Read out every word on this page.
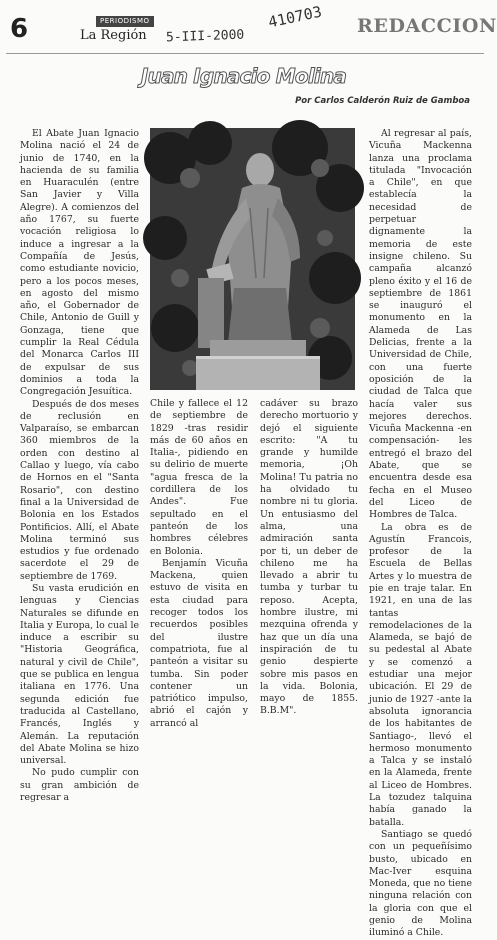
6	PERIODISMO
La Región 5-III-2000
410703 REDACCION
Juan Ignacio Molina
Por Carlos Calderón Ruiz de Gamboa

El Abate Juan Ignacio Molina nació el 24 de junio de 1740, en la hacienda de su familia en Huaraculén (entre San Javier y Villa Alegre). A comienzos del año 1767, su fuerte vocación religiosa lo induce a ingresar a la Compañía de Jesús, como estudiante novicio, pero a los pocos meses, en agosto del mismo año, el Gobernador de Chile, Antonio de Guill y Gonzaga, tiene que cumplir la Real Cédula del Monarca Carlos III de expulsar de sus dominios a toda la Congregación Jesuítica.

Después de dos meses de reclusión en Valparaíso, se embarcan 360 miembros de la orden con destino al Callao y luego, vía cabo de Hornos en el "Santa Rosario", con destino final a la Universidad de Bolonia en los Estados Pontificios. Allí, el Abate Molina terminó sus estudios y fue ordenado sacerdote el 29 de septiembre de 1769.

Su vasta erudición en lenguas y Ciencias Naturales se difunde en Italia y Europa, lo cual le induce a escribir su "Historia Geográfica, natural y civil de Chile", que se publica en lengua italiana en 1776. Una segunda edición fue traducida al Castellano, Francés, Inglés y Alemán. La reputación del Abate Molina se hizo universal.

No pudo cumplir con su gran ambición de regresar a

Chile y fallece el 12 de septiembre de 1829 -tras residir más de 60 años en Italia-, pidiendo en su delirio de muerte "agua fresca de la cordillera de los Andes". Fue sepultado en el panteón de los hombres célebres en Bolonia.

Benjamín Vicuña Mackena, quien estuvo de visita en esta ciudad para recoger todos los recuerdos posibles del ilustre compatriota, fue al panteón a visitar su tumba. Sin poder contener un patriótico impulso, abrió el cajón y arrancó al

cadáver su brazo derecho mortuorio y dejó el siguiente escrito: "A tu grande y humilde memoria, ¡Oh Molina! Tu patria no ha olvidado tu nombre ni tu gloria. Un entusiasmo del alma, una admiración santa por ti, un deber de chileno me ha llevado a abrir tu tumba y turbar tu reposo. Acepta, hombre ilustre, mi mezquina ofrenda y haz que un día una inspiración de tu genio despierte sobre mis pasos en la vida. Bolonia, mayo de 1855. B.B.M".

Al regresar al país, Vicuña Mackenna lanza una proclama titulada "Invocación a Chile", en que establecía la necesidad de perpetuar dignamente la memoria de este insigne chileno. Su campaña alcanzó pleno éxito y el 16 de septiembre de 1861 se inauguró el monumento en la Alameda de Las Delicias, frente a la Universidad de Chile, con una fuerte oposición de la ciudad de Talca que hacía valer sus mejores derechos. Vicuña Mackenna -en compensación- les entregó el brazo del Abate, que se encuentra desde esa fecha en el Museo del Liceo de Hombres de Talca.

La obra es de Agustín Francois, profesor de la Escuela de Bellas Artes y lo muestra de pie en traje talar. En 1921, en una de las tantas remodelaciones de la Alameda, se bajó de su pedestal al Abate y se comenzó a estudiar una mejor ubicación. El 29 de junio de 1927 -ante la absoluta ignorancia de los habitantes de Santiago-, llevó el hermoso monumento a Talca y se instaló en la Alameda, frente al Liceo de Hombres. La tozudez talquina había ganado la batalla.

Santiago se quedó con un pequeñísimo busto, ubicado en Mac-Iver esquina Moneda, que no tiene ninguna relación con la gloria con que el genio de Molina iluminó a Chile.
